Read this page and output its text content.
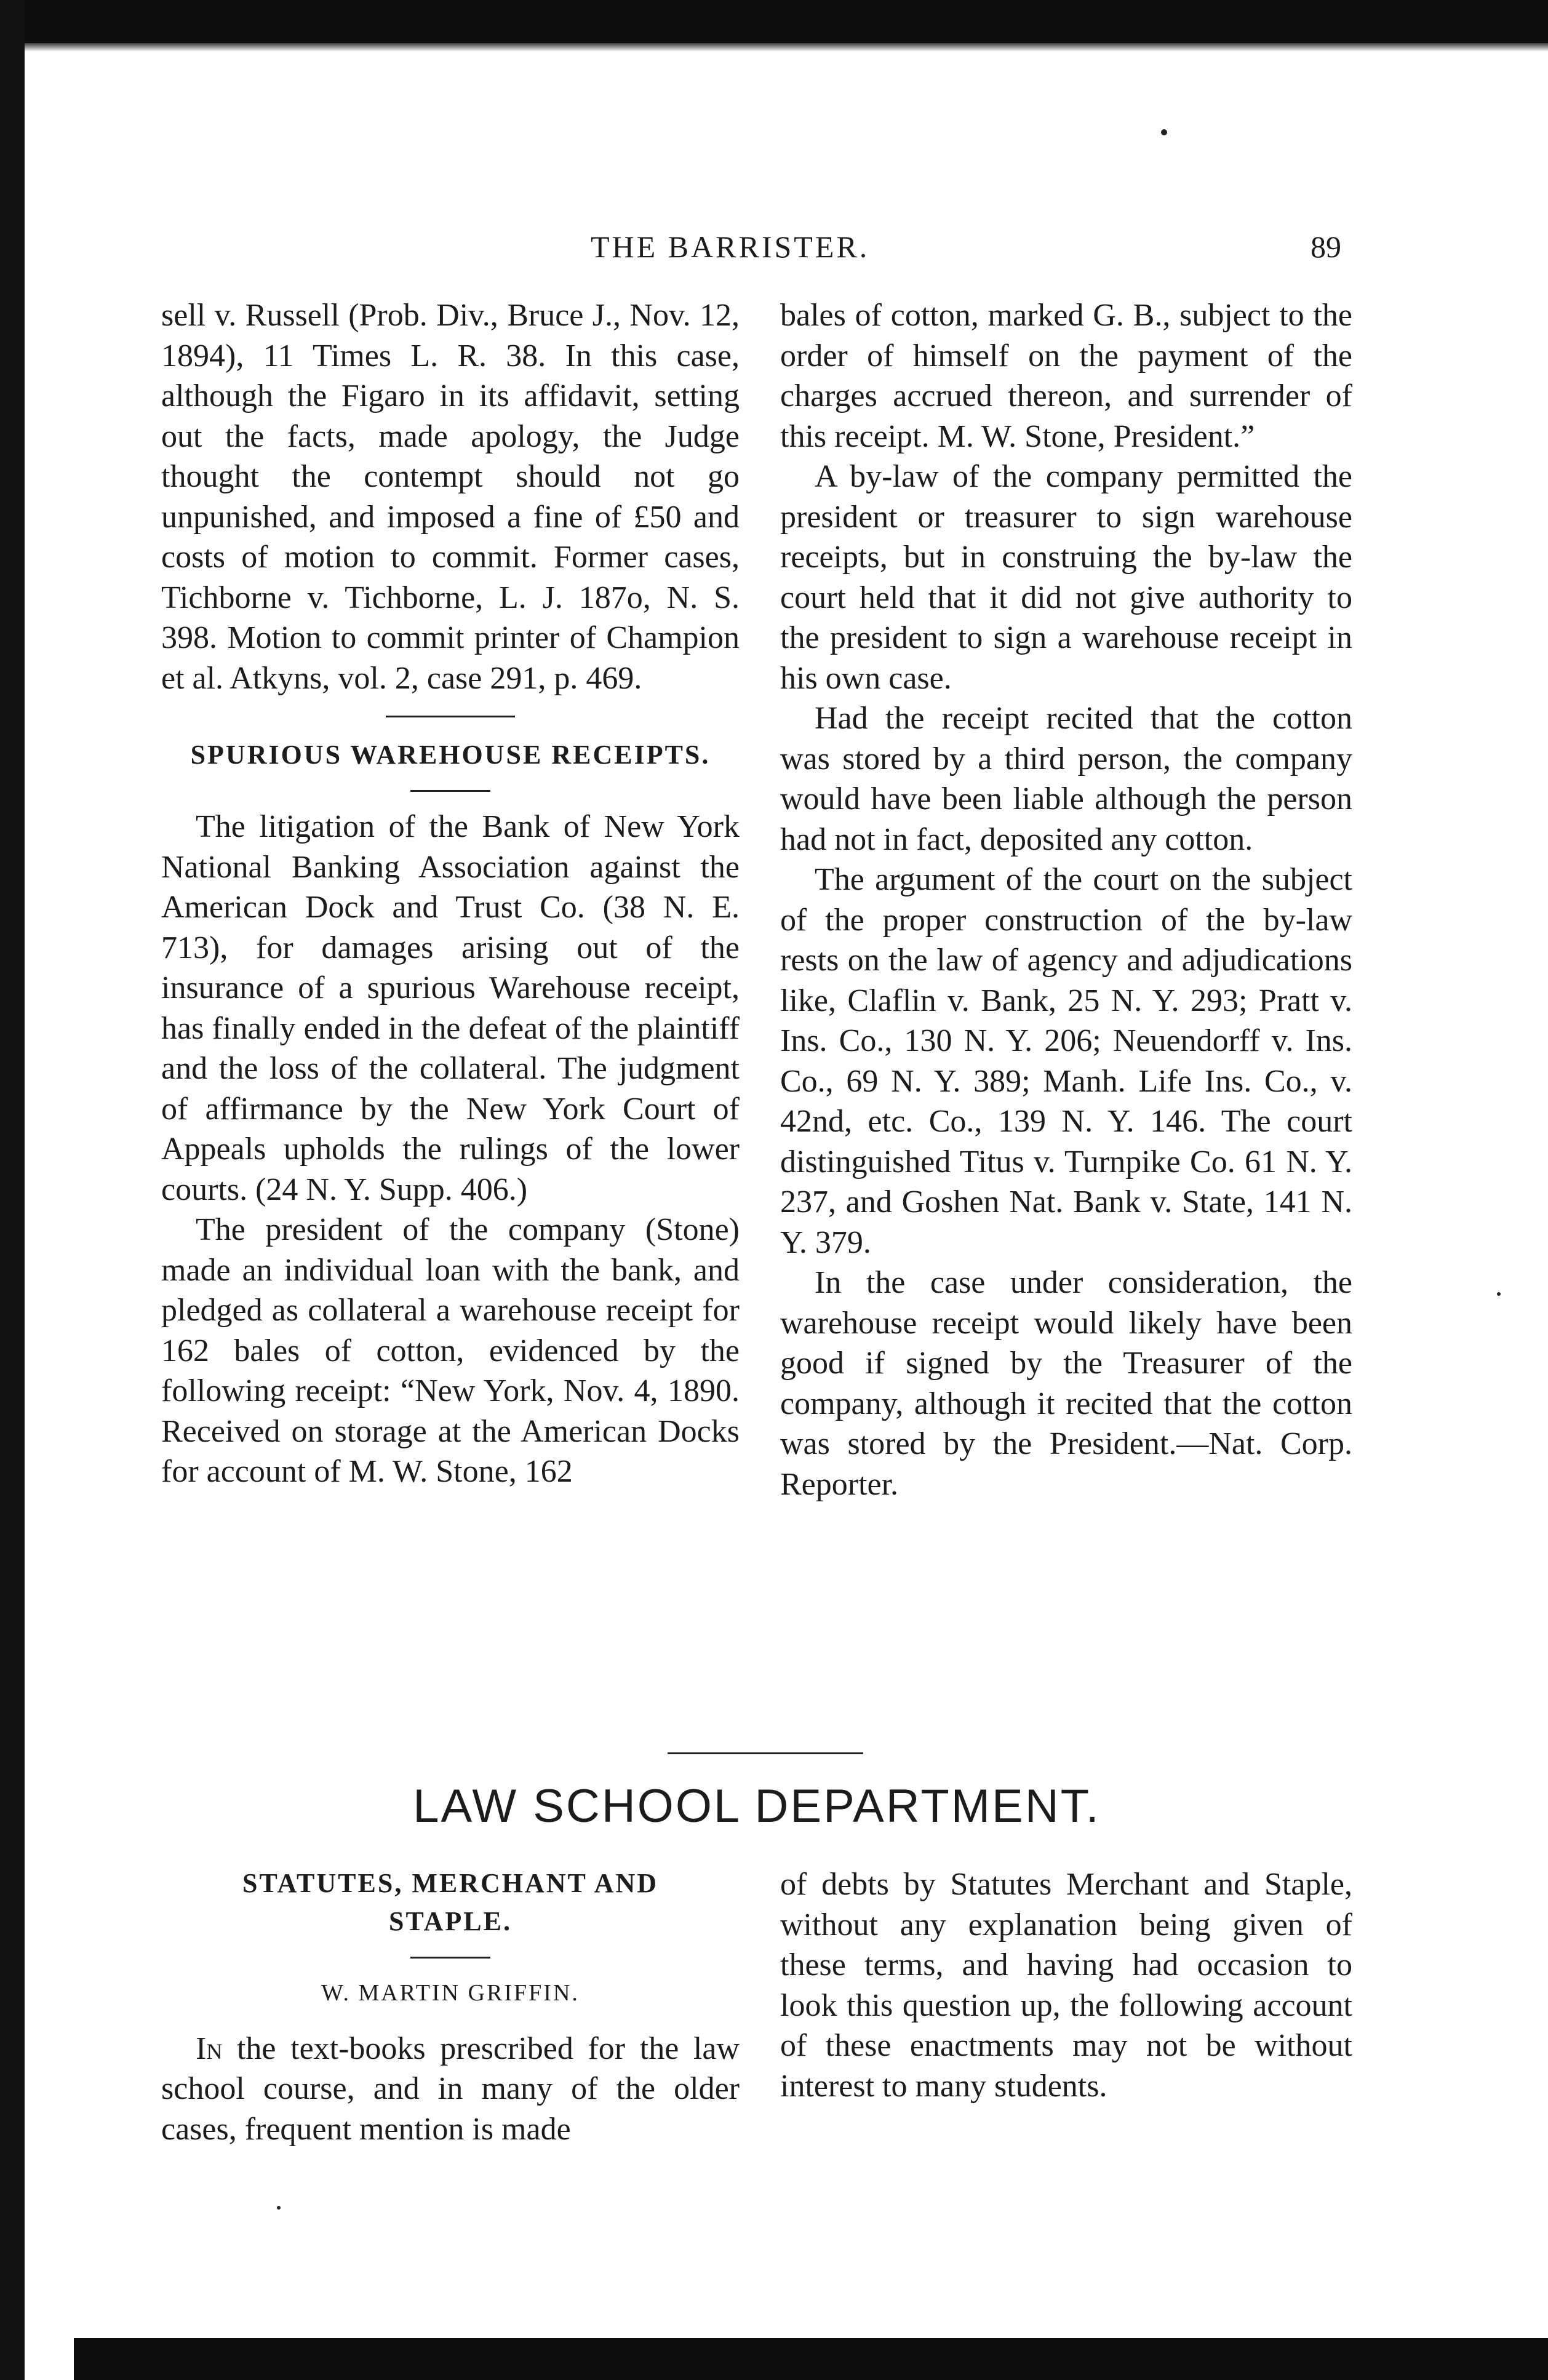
THE BARRISTER.	89

sell v. Russell (Prob. Div., Bruce J., Nov. 12, 1894), 11 Times L. R. 38. In this case, although the Figaro in its affidavit, setting out the facts, made apology, the Judge thought the contempt should not go unpunished, and imposed a fine of £50 and costs of motion to commit. Former cases, Tichborne v. Tichborne, L. J. 187o, N. S. 398. Motion to commit printer of Champion et al. Atkyns, vol. 2, case 291, p. 469.

SPURIOUS WAREHOUSE RECEIPTS.

The litigation of the Bank of New York National Banking Association against the American Dock and Trust Co. (38 N. E. 713), for damages arising out of the insurance of a spurious Warehouse receipt, has finally ended in the defeat of the plaintiff and the loss of the collateral. The judgment of affirmance by the New York Court of Appeals upholds the rulings of the lower courts. (24 N. Y. Supp. 406.)

The president of the company (Stone) made an individual loan with the bank, and pledged as collateral a warehouse receipt for 162 bales of cotton, evidenced by the following receipt: “New York, Nov. 4, 1890. Received on storage at the American Docks for account of M. W. Stone, 162

bales of cotton, marked G. B., subject to the order of himself on the payment of the charges accrued thereon, and surrender of this receipt. M. W. Stone, President.”

A by-law of the company permitted the president or treasurer to sign warehouse receipts, but in construing the by-law the court held that it did not give authority to the president to sign a warehouse receipt in his own case.

Had the receipt recited that the cotton was stored by a third person, the company would have been liable although the person had not in fact, deposited any cotton.

The argument of the court on the subject of the proper construction of the by-law rests on the law of agency and adjudications like, Claflin v. Bank, 25 N. Y. 293; Pratt v. Ins. Co., 130 N. Y. 206; Neuendorff v. Ins. Co., 69 N. Y. 389; Manh. Life Ins. Co., v. 42nd, etc. Co., 139 N. Y. 146. The court distinguished Titus v. Turnpike Co. 61 N. Y. 237, and Goshen Nat. Bank v. State, 141 N. Y. 379.

In the case under consideration, the warehouse receipt would likely have been good if signed by the Treasurer of the company, although it recited that the cotton was stored by the President.—Nat. Corp. Reporter.

LAW SCHOOL DEPARTMENT.
STATUTES, MERCHANT AND
STAPLE.
W. MARTIN GRIFFIN.

In the text-books prescribed for the law school course, and in many of the older cases, frequent mention is made

of debts by Statutes Merchant and Staple, without any explanation being given of these terms, and having had occasion to look this question up, the following account of these enactments may not be without interest to many students.
